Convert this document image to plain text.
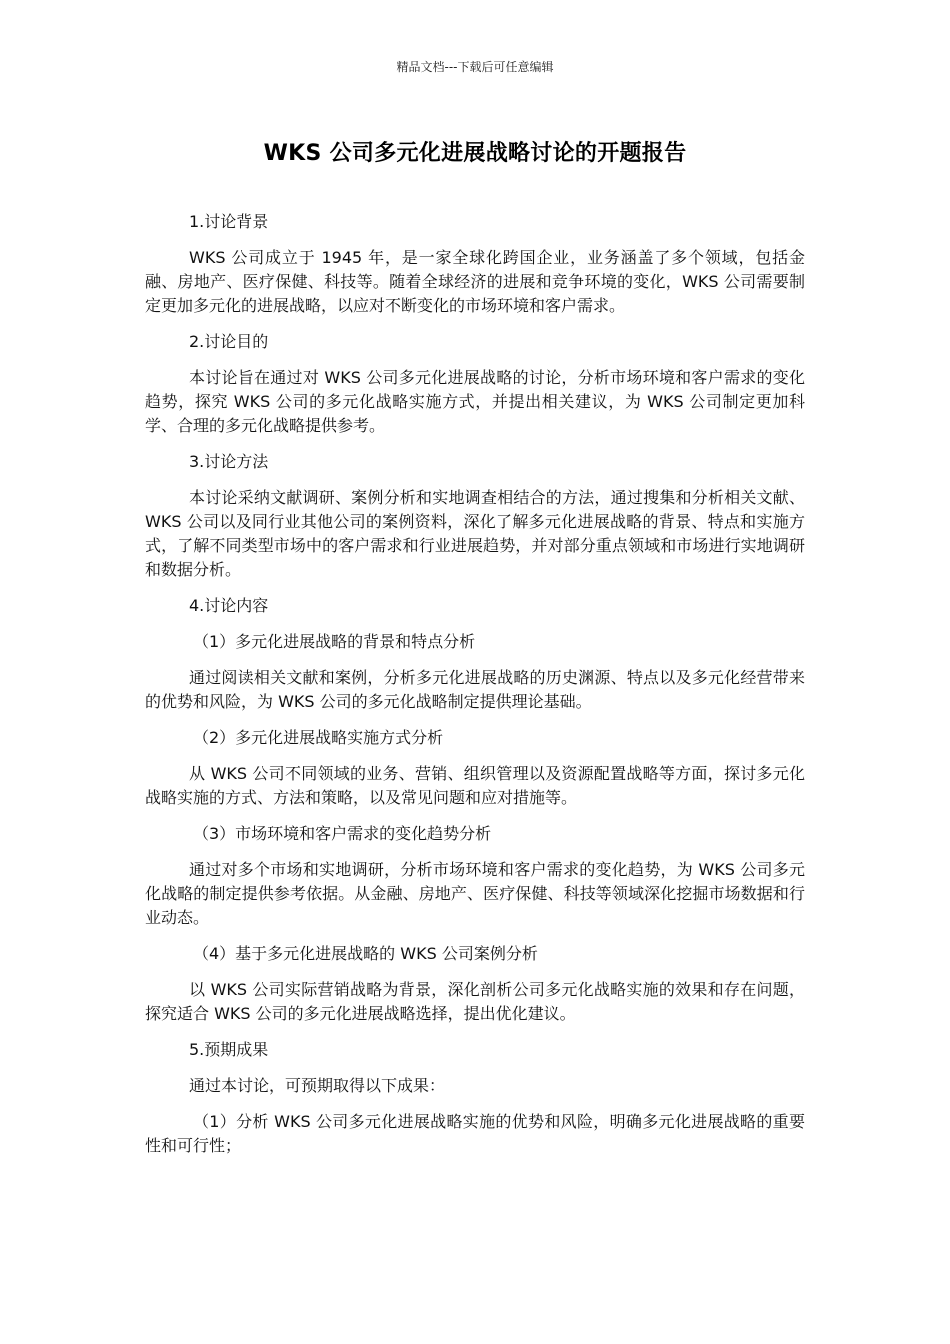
精品文档---下载后可任意编辑
WKS 公司多元化进展战略讨论的开题报告
1.讨论背景
WKS 公司成立于 1945 年，是一家全球化跨国企业，业务涵盖了多个领域，包括金融、房地产、医疗保健、科技等。随着全球经济的进展和竞争环境的变化，WKS 公司需要制定更加多元化的进展战略，以应对不断变化的市场环境和客户需求。
2.讨论目的
本讨论旨在通过对 WKS 公司多元化进展战略的讨论，分析市场环境和客户需求的变化趋势，探究 WKS 公司的多元化战略实施方式，并提出相关建议，为 WKS 公司制定更加科学、合理的多元化战略提供参考。
3.讨论方法
本讨论采纳文献调研、案例分析和实地调查相结合的方法，通过搜集和分析相关文献、WKS 公司以及同行业其他公司的案例资料，深化了解多元化进展战略的背景、特点和实施方式，了解不同类型市场中的客户需求和行业进展趋势，并对部分重点领域和市场进行实地调研和数据分析。
4.讨论内容
（1）多元化进展战略的背景和特点分析
通过阅读相关文献和案例，分析多元化进展战略的历史渊源、特点以及多元化经营带来的优势和风险，为 WKS 公司的多元化战略制定提供理论基础。
（2）多元化进展战略实施方式分析
从 WKS 公司不同领域的业务、营销、组织管理以及资源配置战略等方面，探讨多元化战略实施的方式、方法和策略，以及常见问题和应对措施等。
（3）市场环境和客户需求的变化趋势分析
通过对多个市场和实地调研，分析市场环境和客户需求的变化趋势，为 WKS 公司多元化战略的制定提供参考依据。从金融、房地产、医疗保健、科技等领域深化挖掘市场数据和行业动态。
（4）基于多元化进展战略的 WKS 公司案例分析
以 WKS 公司实际营销战略为背景，深化剖析公司多元化战略实施的效果和存在问题，探究适合 WKS 公司的多元化进展战略选择，提出优化建议。
5.预期成果
通过本讨论，可预期取得以下成果：
（1）分析 WKS 公司多元化进展战略实施的优势和风险，明确多元化进展战略的重要性和可行性；
